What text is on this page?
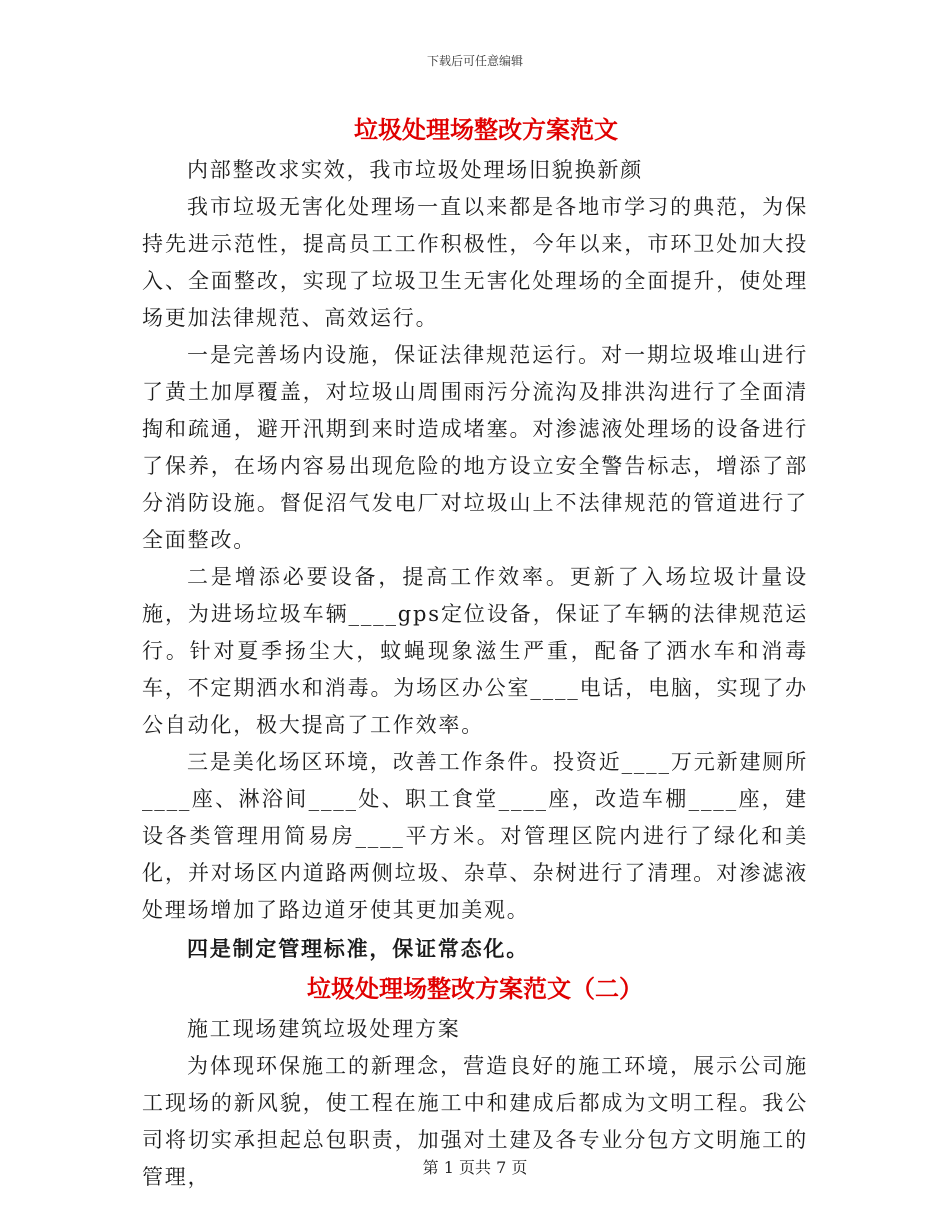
下载后可任意编辑
垃圾处理场整改方案范文

内部整改求实效，我市垃圾处理场旧貌换新颜

我市垃圾无害化处理场一直以来都是各地市学习的典范，为保持先进示范性，提高员工工作积极性，今年以来，市环卫处加大投入、全面整改，实现了垃圾卫生无害化处理场的全面提升，使处理场更加法律规范、高效运行。

一是完善场内设施，保证法律规范运行。对一期垃圾堆山进行了黄土加厚覆盖，对垃圾山周围雨污分流沟及排洪沟进行了全面清掏和疏通，避开汛期到来时造成堵塞。对渗滤液处理场的设备进行了保养，在场内容易出现危险的地方设立安全警告标志，增添了部分消防设施。督促沼气发电厂对垃圾山上不法律规范的管道进行了全面整改。

二是增添必要设备，提高工作效率。更新了入场垃圾计量设施，为进场垃圾车辆____gps定位设备，保证了车辆的法律规范运行。针对夏季扬尘大，蚊蝇现象滋生严重，配备了洒水车和消毒车，不定期洒水和消毒。为场区办公室____电话，电脑，实现了办公自动化，极大提高了工作效率。

三是美化场区环境，改善工作条件。投资近____万元新建厕所____座、淋浴间____处、职工食堂____座，改造车棚____座，建设各类管理用简易房____平方米。对管理区院内进行了绿化和美化，并对场区内道路两侧垃圾、杂草、杂树进行了清理。对渗滤液处理场增加了路边道牙使其更加美观。

四是制定管理标准，保证常态化。

垃圾处理场整改方案范文（二）

施工现场建筑垃圾处理方案

为体现环保施工的新理念，营造良好的施工环境，展示公司施工现场的新风貌，使工程在施工中和建成后都成为文明工程。我公司将切实承担起总包职责，加强对土建及各专业分包方文明施工的管理，	第 1 页共 7 页
